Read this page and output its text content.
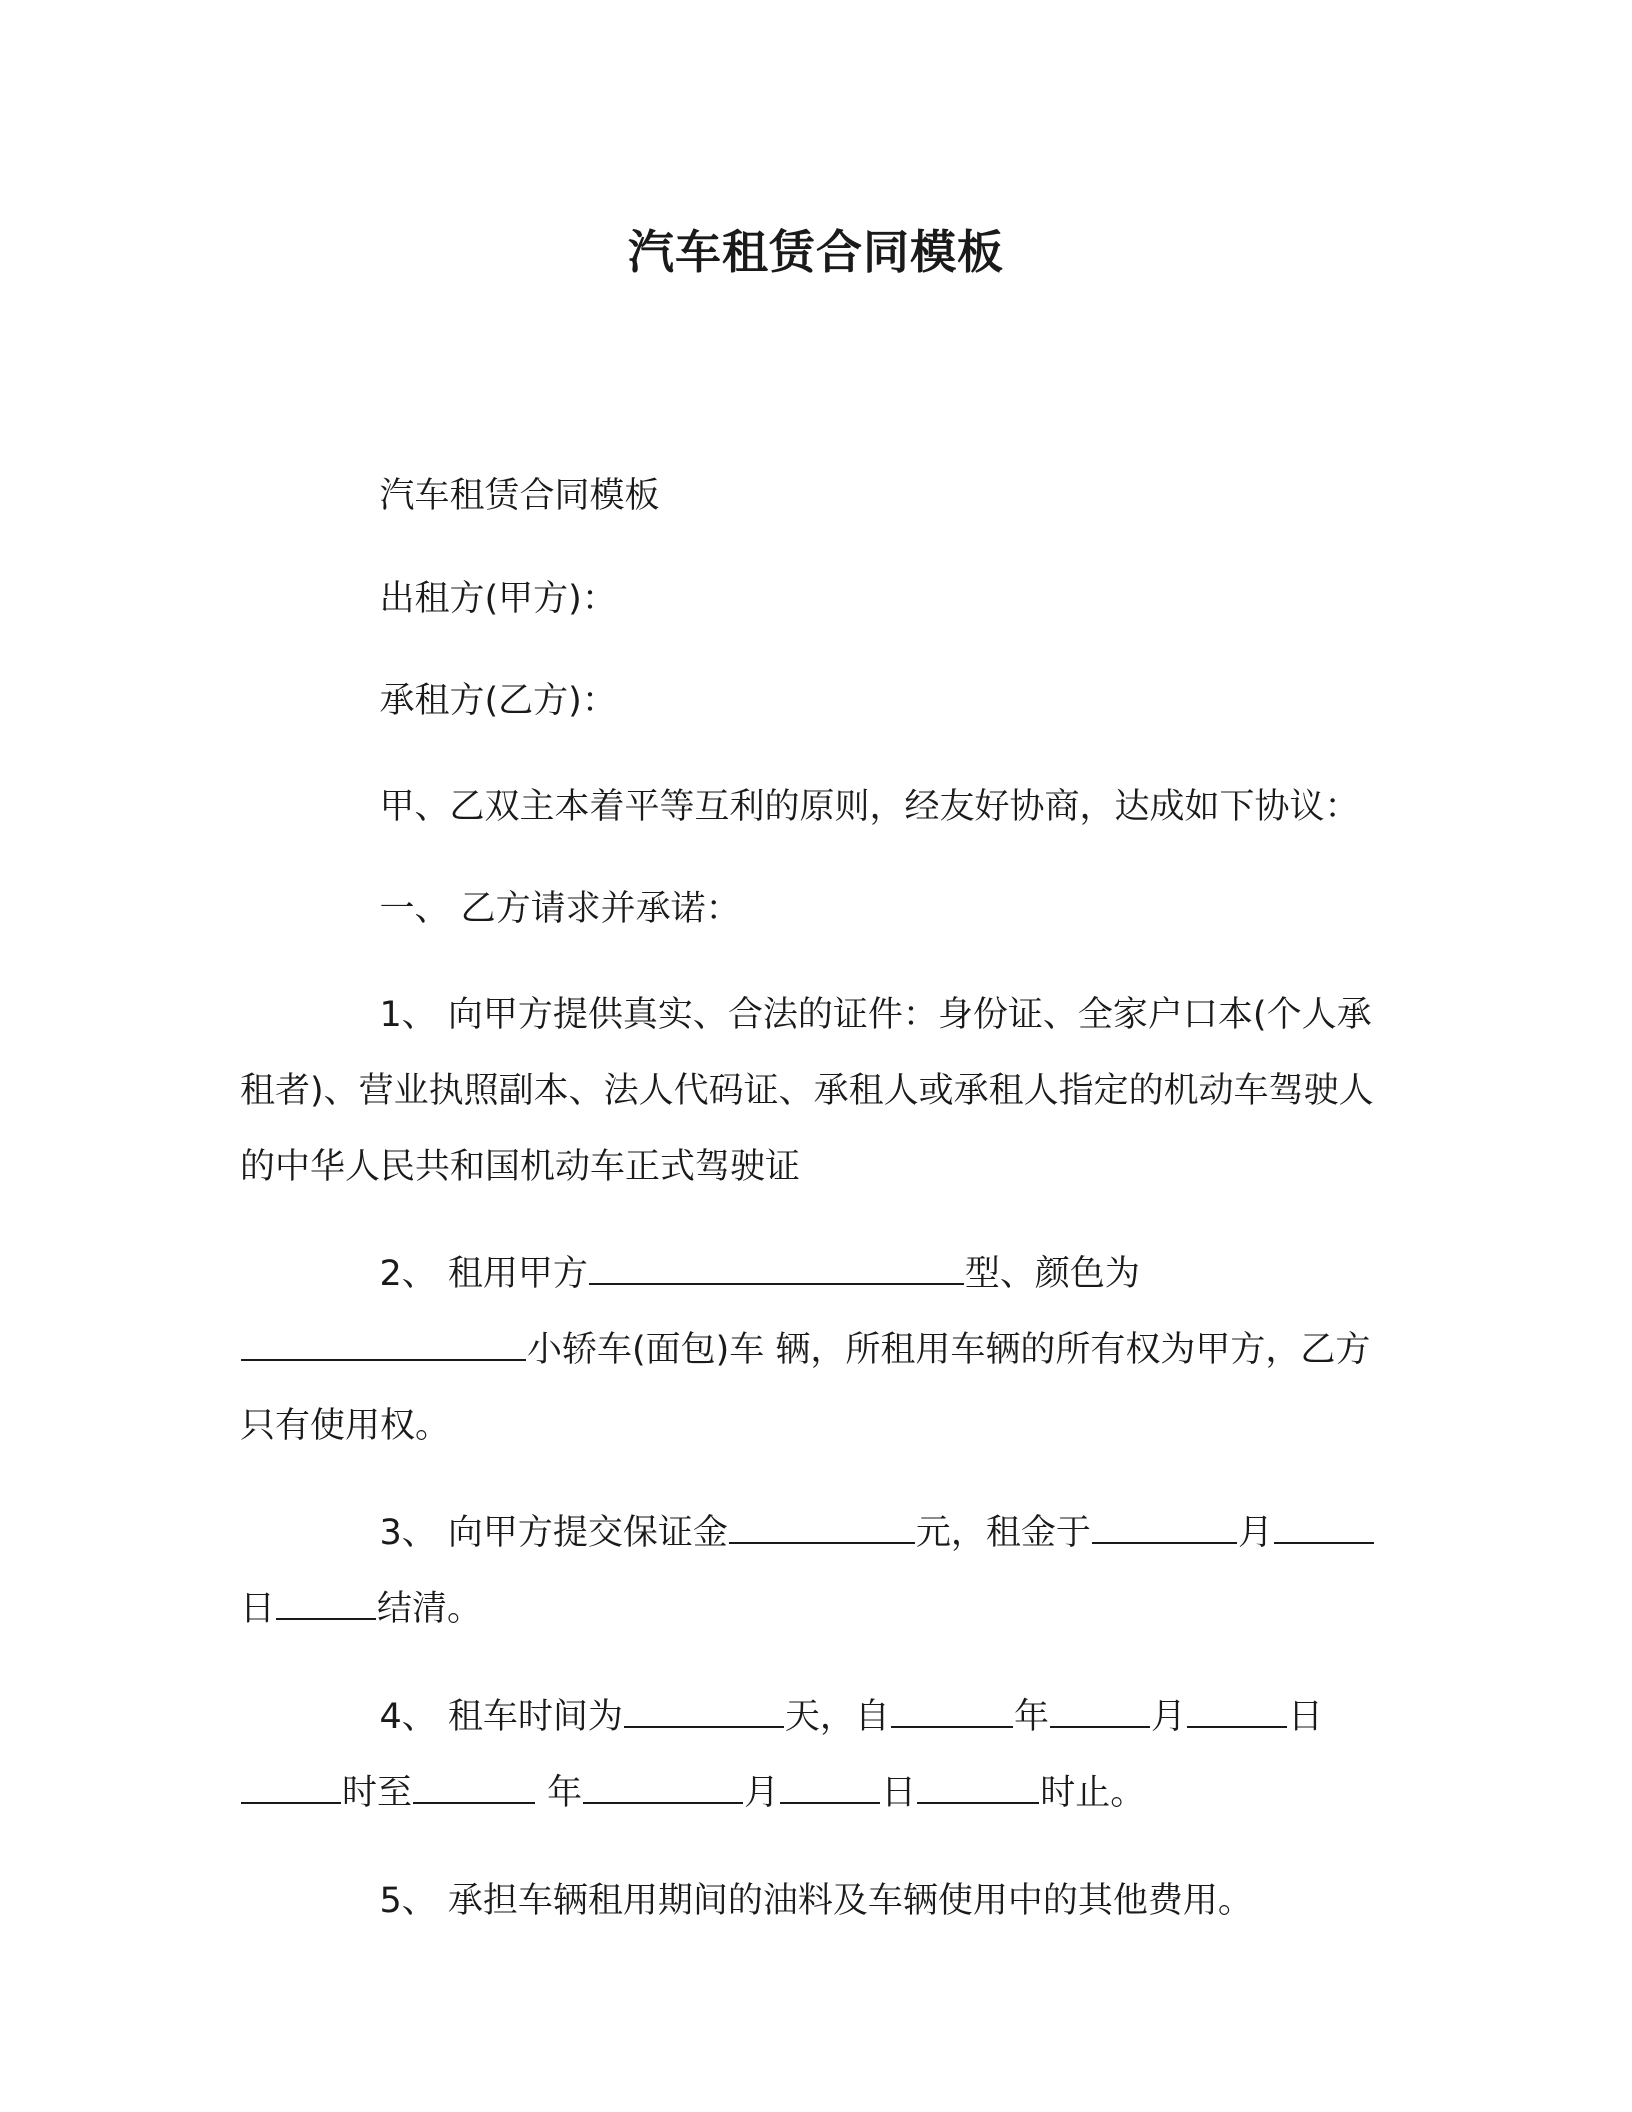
汽车租赁合同模板

汽车租赁合同模板

出租方(甲方)：

承租方(乙方)：

甲、乙双主本着平等互利的原则，经友好协商，达成如下协议：

一、 乙方请求并承诺：

1、 向甲方提供真实、合法的证件：身份证、全家户口本(个人承租者)、营业执照副本、法人代码证、承租人或承租人指定的机动车驾驶人的中华人民共和国机动车正式驾驶证

2、 租用甲方	型、颜色为小轿车(面包)车 辆，所租用车辆的所有权为甲方，乙方只有使用权。

3、 向甲方提交保证金	元，租金于	月日	结清。

4、 租车时间为	天，自	年	月	日时至	年	月	日	时止。

5、 承担车辆租用期间的油料及车辆使用中的其他费用。
